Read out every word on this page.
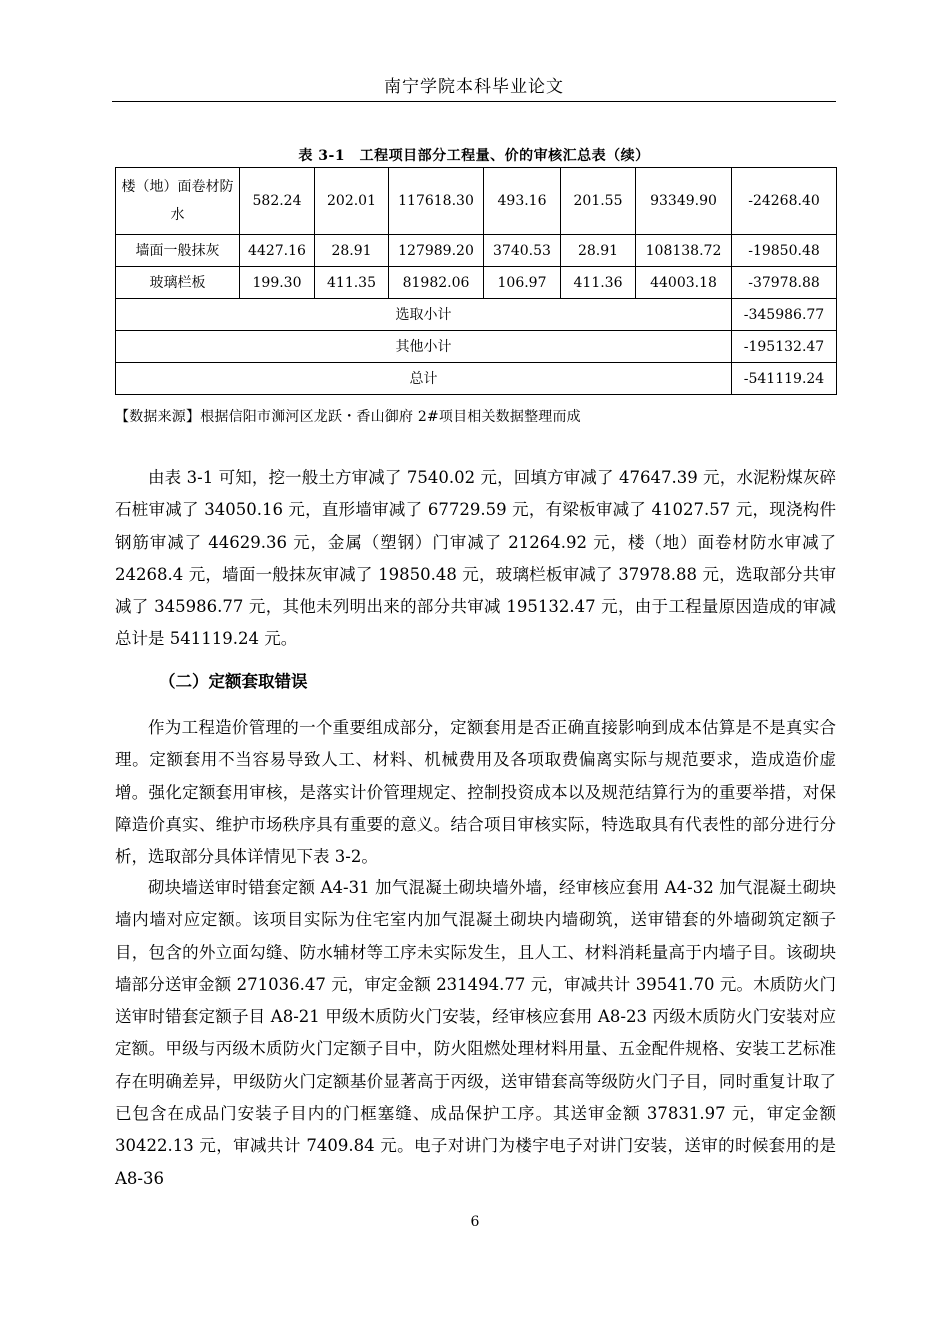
南宁学院本科毕业论文
表 3-1　工程项目部分工程量、价的审核汇总表（续）
楼（地）面卷材防水	582.24	202.01	117618.30	493.16	201.55	93349.90	-24268.40
墙面一般抹灰	4427.16	28.91	127989.20	3740.53	28.91	108138.72	-19850.48
玻璃栏板	199.30	411.35	81982.06	106.97	411.36	44003.18	-37978.88
选取小计							-345986.77
其他小计							-195132.47
总计							-541119.24
【数据来源】根据信阳市浉河区龙跃・香山御府 2#项目相关数据整理而成

由表 3-1 可知，挖一般土方审减了 7540.02 元，回填方审减了 47647.39 元，水泥粉煤灰碎石桩审减了 34050.16 元，直形墙审减了 67729.59 元，有梁板审减了 41027.57 元，现浇构件钢筋审减了 44629.36 元，金属（塑钢）门审减了 21264.92 元，楼（地）面卷材防水审减了 24268.4 元，墙面一般抹灰审减了 19850.48 元，玻璃栏板审减了 37978.88 元，选取部分共审减了 345986.77 元，其他未列明出来的部分共审减 195132.47 元，由于工程量原因造成的审减总计是 541119.24 元。

（二）定额套取错误

作为工程造价管理的一个重要组成部分，定额套用是否正确直接影响到成本估算是不是真实合理。定额套用不当容易导致人工、材料、机械费用及各项取费偏离实际与规范要求，造成造价虚增。强化定额套用审核，是落实计价管理规定、控制投资成本以及规范结算行为的重要举措，对保障造价真实、维护市场秩序具有重要的意义。结合项目审核实际，特选取具有代表性的部分进行分析，选取部分具体详情见下表 3-2。

砌块墙送审时错套定额 A4-31 加气混凝土砌块墙外墙，经审核应套用 A4-32 加气混凝土砌块墙内墙对应定额。该项目实际为住宅室内加气混凝土砌块内墙砌筑，送审错套的外墙砌筑定额子目，包含的外立面勾缝、防水辅材等工序未实际发生，且人工、材料消耗量高于内墙子目。该砌块墙部分送审金额 271036.47 元，审定金额 231494.77 元，审减共计 39541.70 元。木质防火门送审时错套定额子目 A8-21 甲级木质防火门安装，经审核应套用 A8-23 丙级木质防火门安装对应定额。甲级与丙级木质防火门定额子目中，防火阻燃处理材料用量、五金配件规格、安装工艺标准存在明确差异，甲级防火门定额基价显著高于丙级，送审错套高等级防火门子目，同时重复计取了已包含在成品门安装子目内的门框塞缝、成品保护工序。其送审金额 37831.97 元，审定金额 30422.13 元，审减共计 7409.84 元。电子对讲门为楼宇电子对讲门安装，送审的时候套用的是 A8-36

6
